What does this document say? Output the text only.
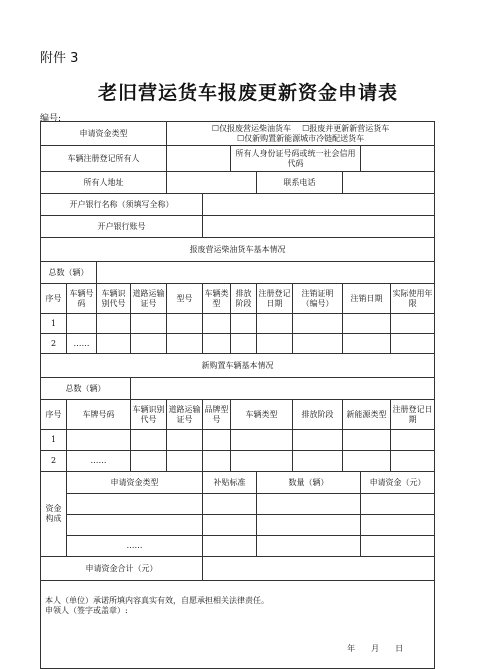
附件 3
老旧营运货车报废更新资金申请表
编号:
申请资金类型				☐仅报废营运柴油货车 ☐报废并更新新营运货车
☐仅新购置新能源城市冷链配送货车							
车辆注册登记所有人						所有人身份证号码或统一社会信用代码					
所有人地址							联系电话				
开户银行名称（须填写全称）											
开户银行账号											
报废营运柴油货车基本情况											
总数（辆）											
序号	车辆号码	车辆识别代号	道路运输证号	型号	车辆类型	排放阶段	注册登记日期	注销证明（编号）	注销日期		实际使用年限
1											
2	……										
新购置车辆基本情况											
总数（辆）											
序号	车牌号码		车辆识别代号	道路运输证号	品牌型号	车辆类型		排放阶段	新能源类型		注册登记日期
1											
2	……										
资金构成	申请资金类型				补贴标准		数量（辆）			申请资金（元）	

	……										
申请资金合计（元）											

本人（单位）承诺所填内容真实有效，自愿承担相关法律责任。
申领人（签字或盖章）:
年　　月　　日											
